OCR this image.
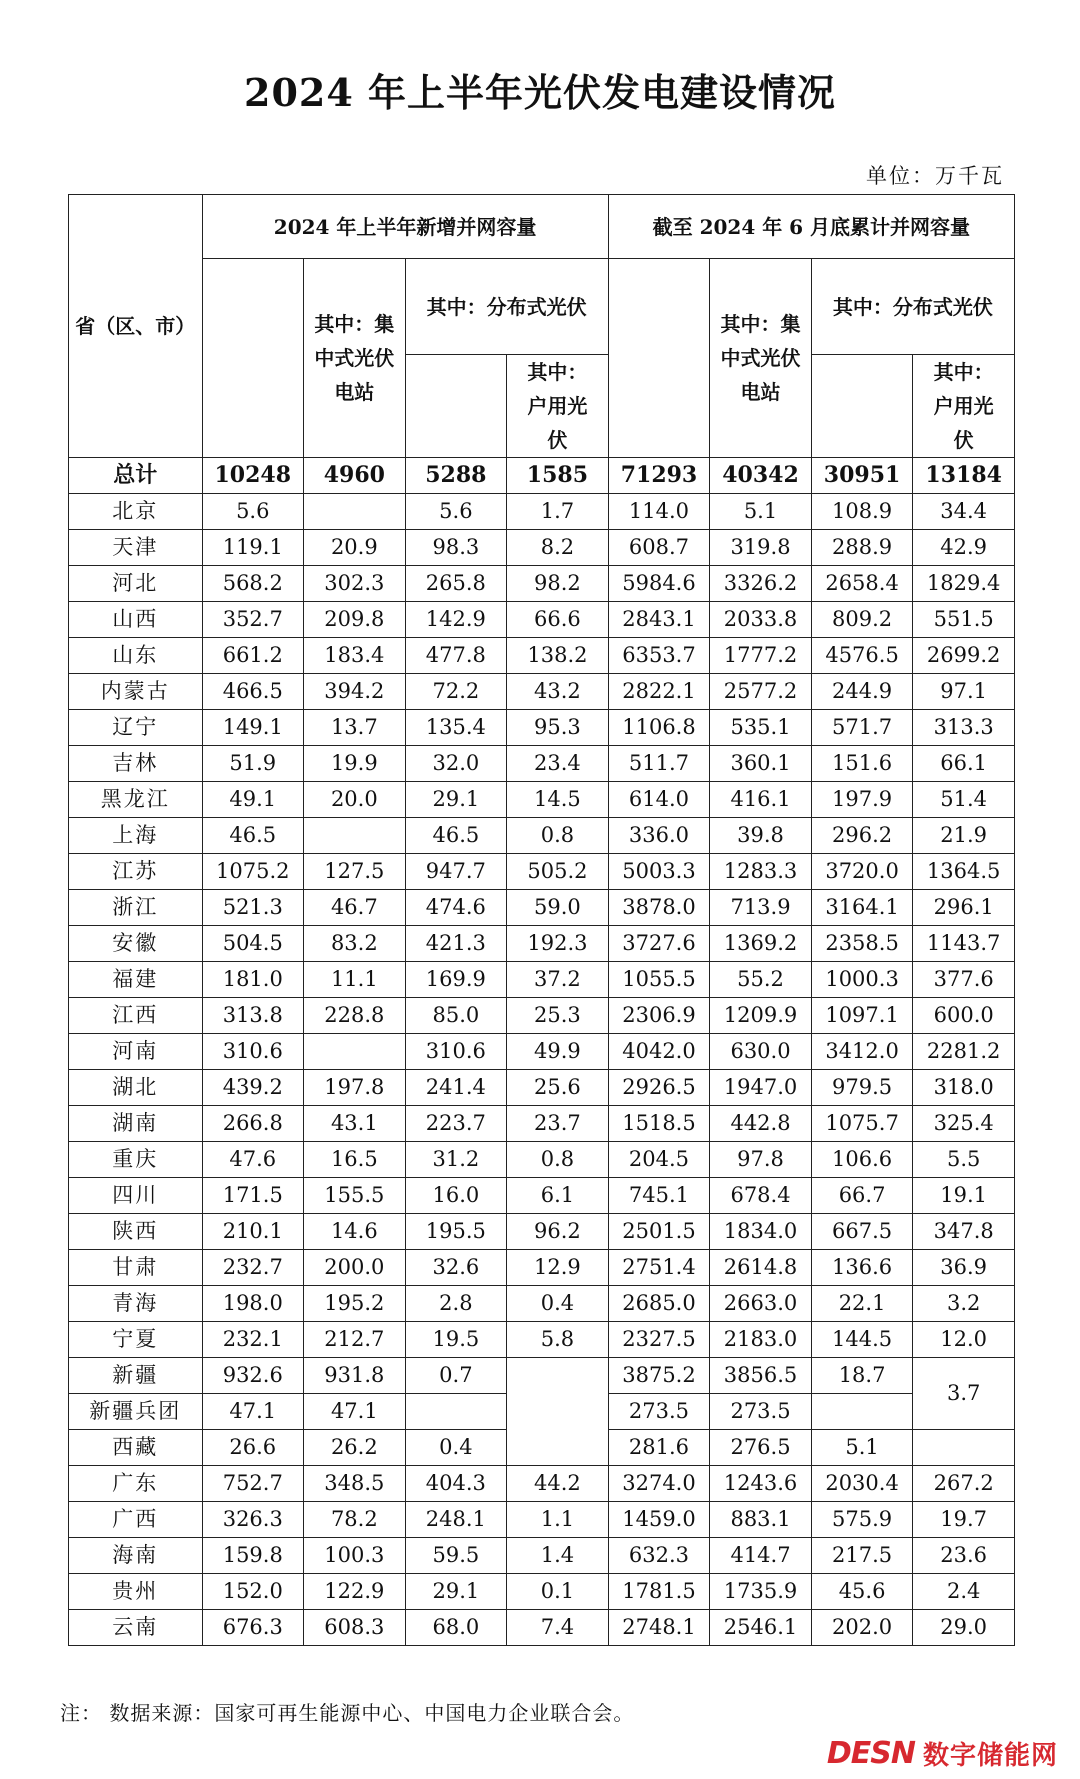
2024 年上半年光伏发电建设情况
单位：万千瓦
省（区、市）	2024 年上半年新增并网容量				截至 2024 年 6 月底累计并网容量			
		其中：集中式光伏电站	其中：分布式光伏			其中：集中式光伏电站	其中：分布式光伏	
				其中：户用光伏				其中：户用光伏
总计	10248	4960	5288	1585	71293	40342	30951	13184
北京	5.6		5.6	1.7	114.0	5.1	108.9	34.4
天津	119.1	20.9	98.3	8.2	608.7	319.8	288.9	42.9
河北	568.2	302.3	265.8	98.2	5984.6	3326.2	2658.4	1829.4
山西	352.7	209.8	142.9	66.6	2843.1	2033.8	809.2	551.5
山东	661.2	183.4	477.8	138.2	6353.7	1777.2	4576.5	2699.2
内蒙古	466.5	394.2	72.2	43.2	2822.1	2577.2	244.9	97.1
辽宁	149.1	13.7	135.4	95.3	1106.8	535.1	571.7	313.3
吉林	51.9	19.9	32.0	23.4	511.7	360.1	151.6	66.1
黑龙江	49.1	20.0	29.1	14.5	614.0	416.1	197.9	51.4
上海	46.5		46.5	0.8	336.0	39.8	296.2	21.9
江苏	1075.2	127.5	947.7	505.2	5003.3	1283.3	3720.0	1364.5
浙江	521.3	46.7	474.6	59.0	3878.0	713.9	3164.1	296.1
安徽	504.5	83.2	421.3	192.3	3727.6	1369.2	2358.5	1143.7
福建	181.0	11.1	169.9	37.2	1055.5	55.2	1000.3	377.6
江西	313.8	228.8	85.0	25.3	2306.9	1209.9	1097.1	600.0
河南	310.6		310.6	49.9	4042.0	630.0	3412.0	2281.2
湖北	439.2	197.8	241.4	25.6	2926.5	1947.0	979.5	318.0
湖南	266.8	43.1	223.7	23.7	1518.5	442.8	1075.7	325.4
重庆	47.6	16.5	31.2	0.8	204.5	97.8	106.6	5.5
四川	171.5	155.5	16.0	6.1	745.1	678.4	66.7	19.1
陕西	210.1	14.6	195.5	96.2	2501.5	1834.0	667.5	347.8
甘肃	232.7	200.0	32.6	12.9	2751.4	2614.8	136.6	36.9
青海	198.0	195.2	2.8	0.4	2685.0	2663.0	22.1	3.2
宁夏	232.1	212.7	19.5	5.8	2327.5	2183.0	144.5	12.0
新疆	932.6	931.8	0.7		3875.2	3856.5	18.7	3.7
新疆兵团	47.1	47.1			273.5	273.5		
西藏	26.6	26.2	0.4		281.6	276.5	5.1	
广东	752.7	348.5	404.3	44.2	3274.0	1243.6	2030.4	267.2
广西	326.3	78.2	248.1	1.1	1459.0	883.1	575.9	19.7
海南	159.8	100.3	59.5	1.4	632.3	414.7	217.5	23.6
贵州	152.0	122.9	29.1	0.1	1781.5	1735.9	45.6	2.4
云南	676.3	608.3	68.0	7.4	2748.1	2546.1	202.0	29.0
注： 数据来源：国家可再生能源中心、中国电力企业联合会。
DESN 数字储能网
